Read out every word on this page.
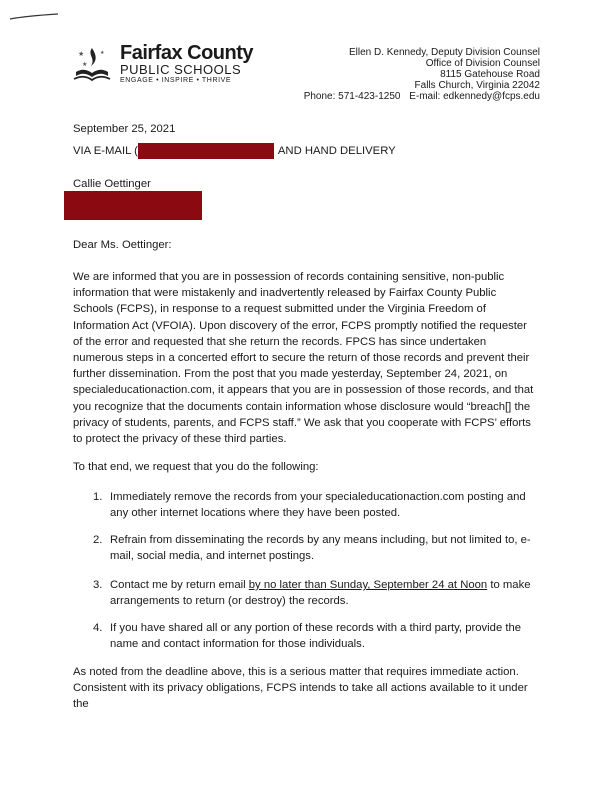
★
★
★ Fairfax County
PUBLIC SCHOOLS
ENGAGE • INSPIRE • THRIVE
Ellen D. Kennedy, Deputy Division Counsel
Office of Division Counsel
8115 Gatehouse Road
Falls Church, Virginia 22042
Phone: 571-423-1250 E-mail: edkennedy@fcps.edu
September 25, 2021
VIA E-MAIL (	AND HAND DELIVERY
Callie Oettinger
Dear Ms. Oettinger:
We are informed that you are in possession of records containing sensitive, non-public information that were mistakenly and inadvertently released by Fairfax County Public Schools (FCPS), in response to a request submitted under the Virginia Freedom of Information Act (VFOIA). Upon discovery of the error, FCPS promptly notified the requester of the error and requested that she return the records. FPCS has since undertaken numerous steps in a concerted effort to secure the return of those records and prevent their further dissemination. From the post that you made yesterday, September 24, 2021, on specialeducationaction.com, it appears that you are in possession of those records, and that you recognize that the documents contain information whose disclosure would “breach[] the privacy of students, parents, and FCPS staff.” We ask that you cooperate with FCPS’ efforts to protect the privacy of these third parties.
To that end, we request that you do the following:
1. Immediately remove the records from your specialeducationaction.com posting and any other internet locations where they have been posted.
2. Refrain from disseminating the records by any means including, but not limited to, e-mail, social media, and internet postings.
3. Contact me by return email by no later than Sunday, September 24 at Noon to make arrangements to return (or destroy) the records.
4. If you have shared all or any portion of these records with a third party, provide the name and contact information for those individuals.
As noted from the deadline above, this is a serious matter that requires immediate action. Consistent with its privacy obligations, FCPS intends to take all actions available to it under the
